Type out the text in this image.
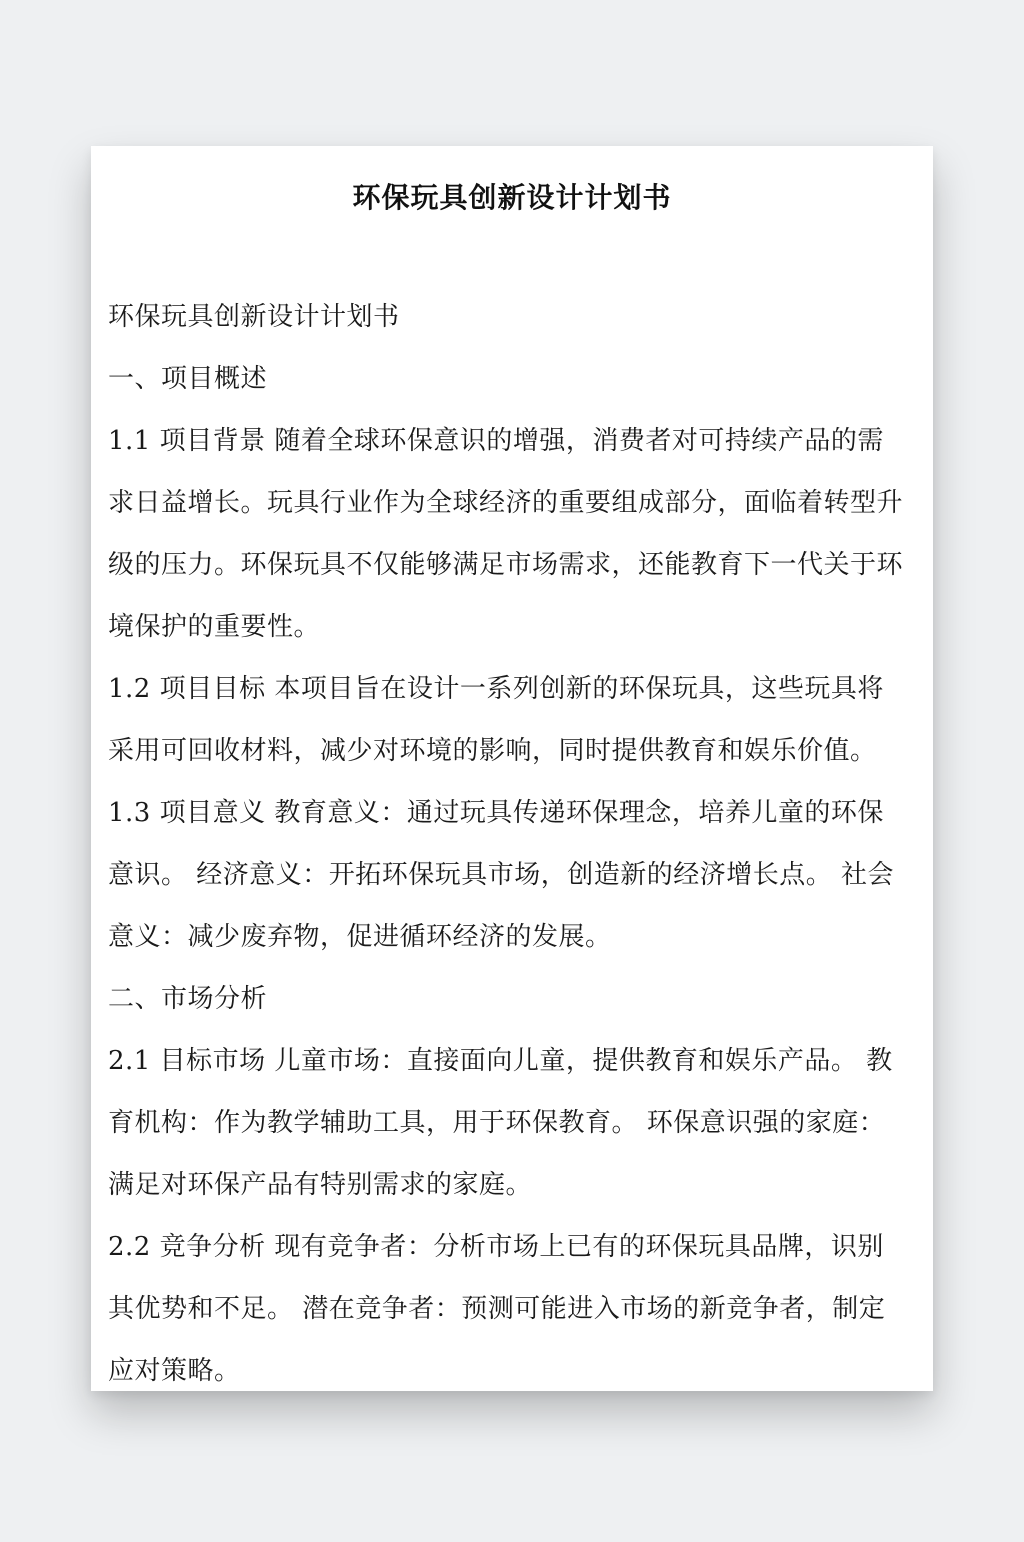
环保玩具创新设计计划书
环保玩具创新设计计划书
一、项目概述
1.1 项目背景 随着全球环保意识的增强，消费者对可持续产品的需
求日益增长。玩具行业作为全球经济的重要组成部分，面临着转型升
级的压力。环保玩具不仅能够满足市场需求，还能教育下一代关于环
境保护的重要性。
1.2 项目目标 本项目旨在设计一系列创新的环保玩具，这些玩具将
采用可回收材料，减少对环境的影响，同时提供教育和娱乐价值。
1.3 项目意义 教育意义：通过玩具传递环保理念，培养儿童的环保
意识。 经济意义：开拓环保玩具市场，创造新的经济增长点。 社会
意义：减少废弃物，促进循环经济的发展。
二、市场分析
2.1 目标市场 儿童市场：直接面向儿童，提供教育和娱乐产品。 教
育机构：作为教学辅助工具，用于环保教育。 环保意识强的家庭：
满足对环保产品有特别需求的家庭。
2.2 竞争分析 现有竞争者：分析市场上已有的环保玩具品牌，识别
其优势和不足。 潜在竞争者：预测可能进入市场的新竞争者，制定
应对策略。
